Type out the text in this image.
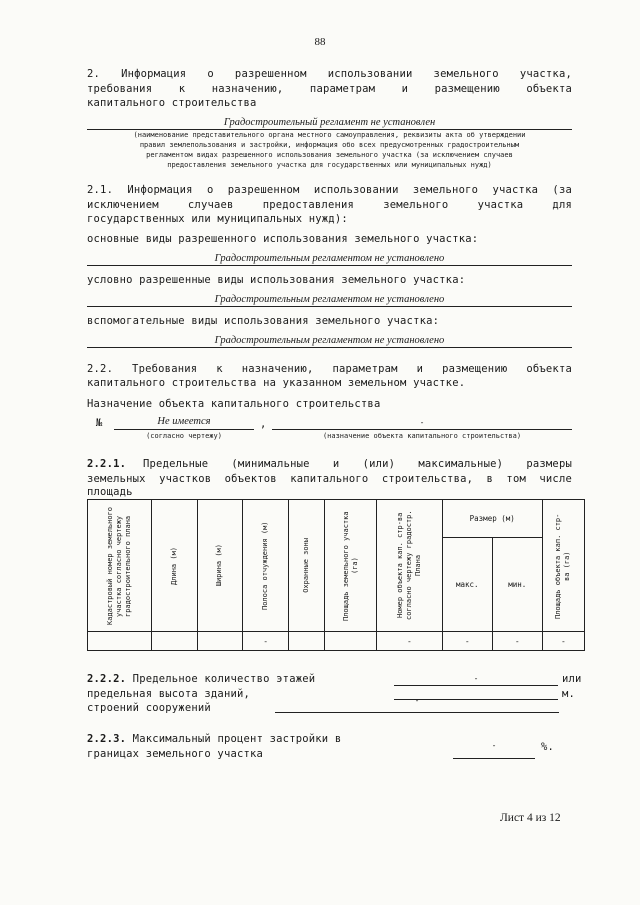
88
2. Информация о разрешенном использовании земельного участка,
требования к назначению, параметрам и размещению объекта
капитального строительства
Градостроительный регламент не установлен
(наименование представительного органа местного самоуправления, реквизиты акта об утверждении
правил землепользования и застройки, информация обо всех предусмотренных градостроительным
регламентом видах разрешенного использования земельного участка (за исключением случаев
предоставления земельного участка для государственных или муниципальных нужд)
2.1. Информация о разрешенном использовании земельного участка (за
исключением случаев предоставления земельного участка для
государственных или муниципальных нужд):
основные виды разрешенного использования земельного участка:
Градостроительным регламентом не установлено
условно разрешенные виды использования земельного участка:
Градостроительным регламентом не установлено
вспомогательные виды использования земельного участка:
Градостроительным регламентом не установлено
2.2. Требования к назначению, параметрам и размещению объекта
капитального строительства на указанном земельном участке.
Назначение объекта капитального строительства
№	Не имеется	,	-
(согласно чертежу)	(назначение объекта капитального строительства)
2.2.1. Предельные (минимальные и (или) максимальные) размеры
земельных участков объектов капитального строительства, в том числе
площадь
Кадастровый номер земельного участка согласно чертежу градостроительного плана	Длина (м)	Ширина (м)	Полоса отчуждения (м)	Охранные зоны	Площадь земельного участка (га)	Номер объекта кап. стр-ва согласно чертежу градостр. Плана	Размер (м)		Площадь объекта кап. стр-ва (га)

							макс.	мин.	
			-			-	-	-	-
2.2.2. Предельное количество этажей	-	или
предельная высота зданий,	м.
строений сооружений
-
2.2.3. Максимальный процент застройки в
границах земельного участка
-	%.
Лист 4 из 12
